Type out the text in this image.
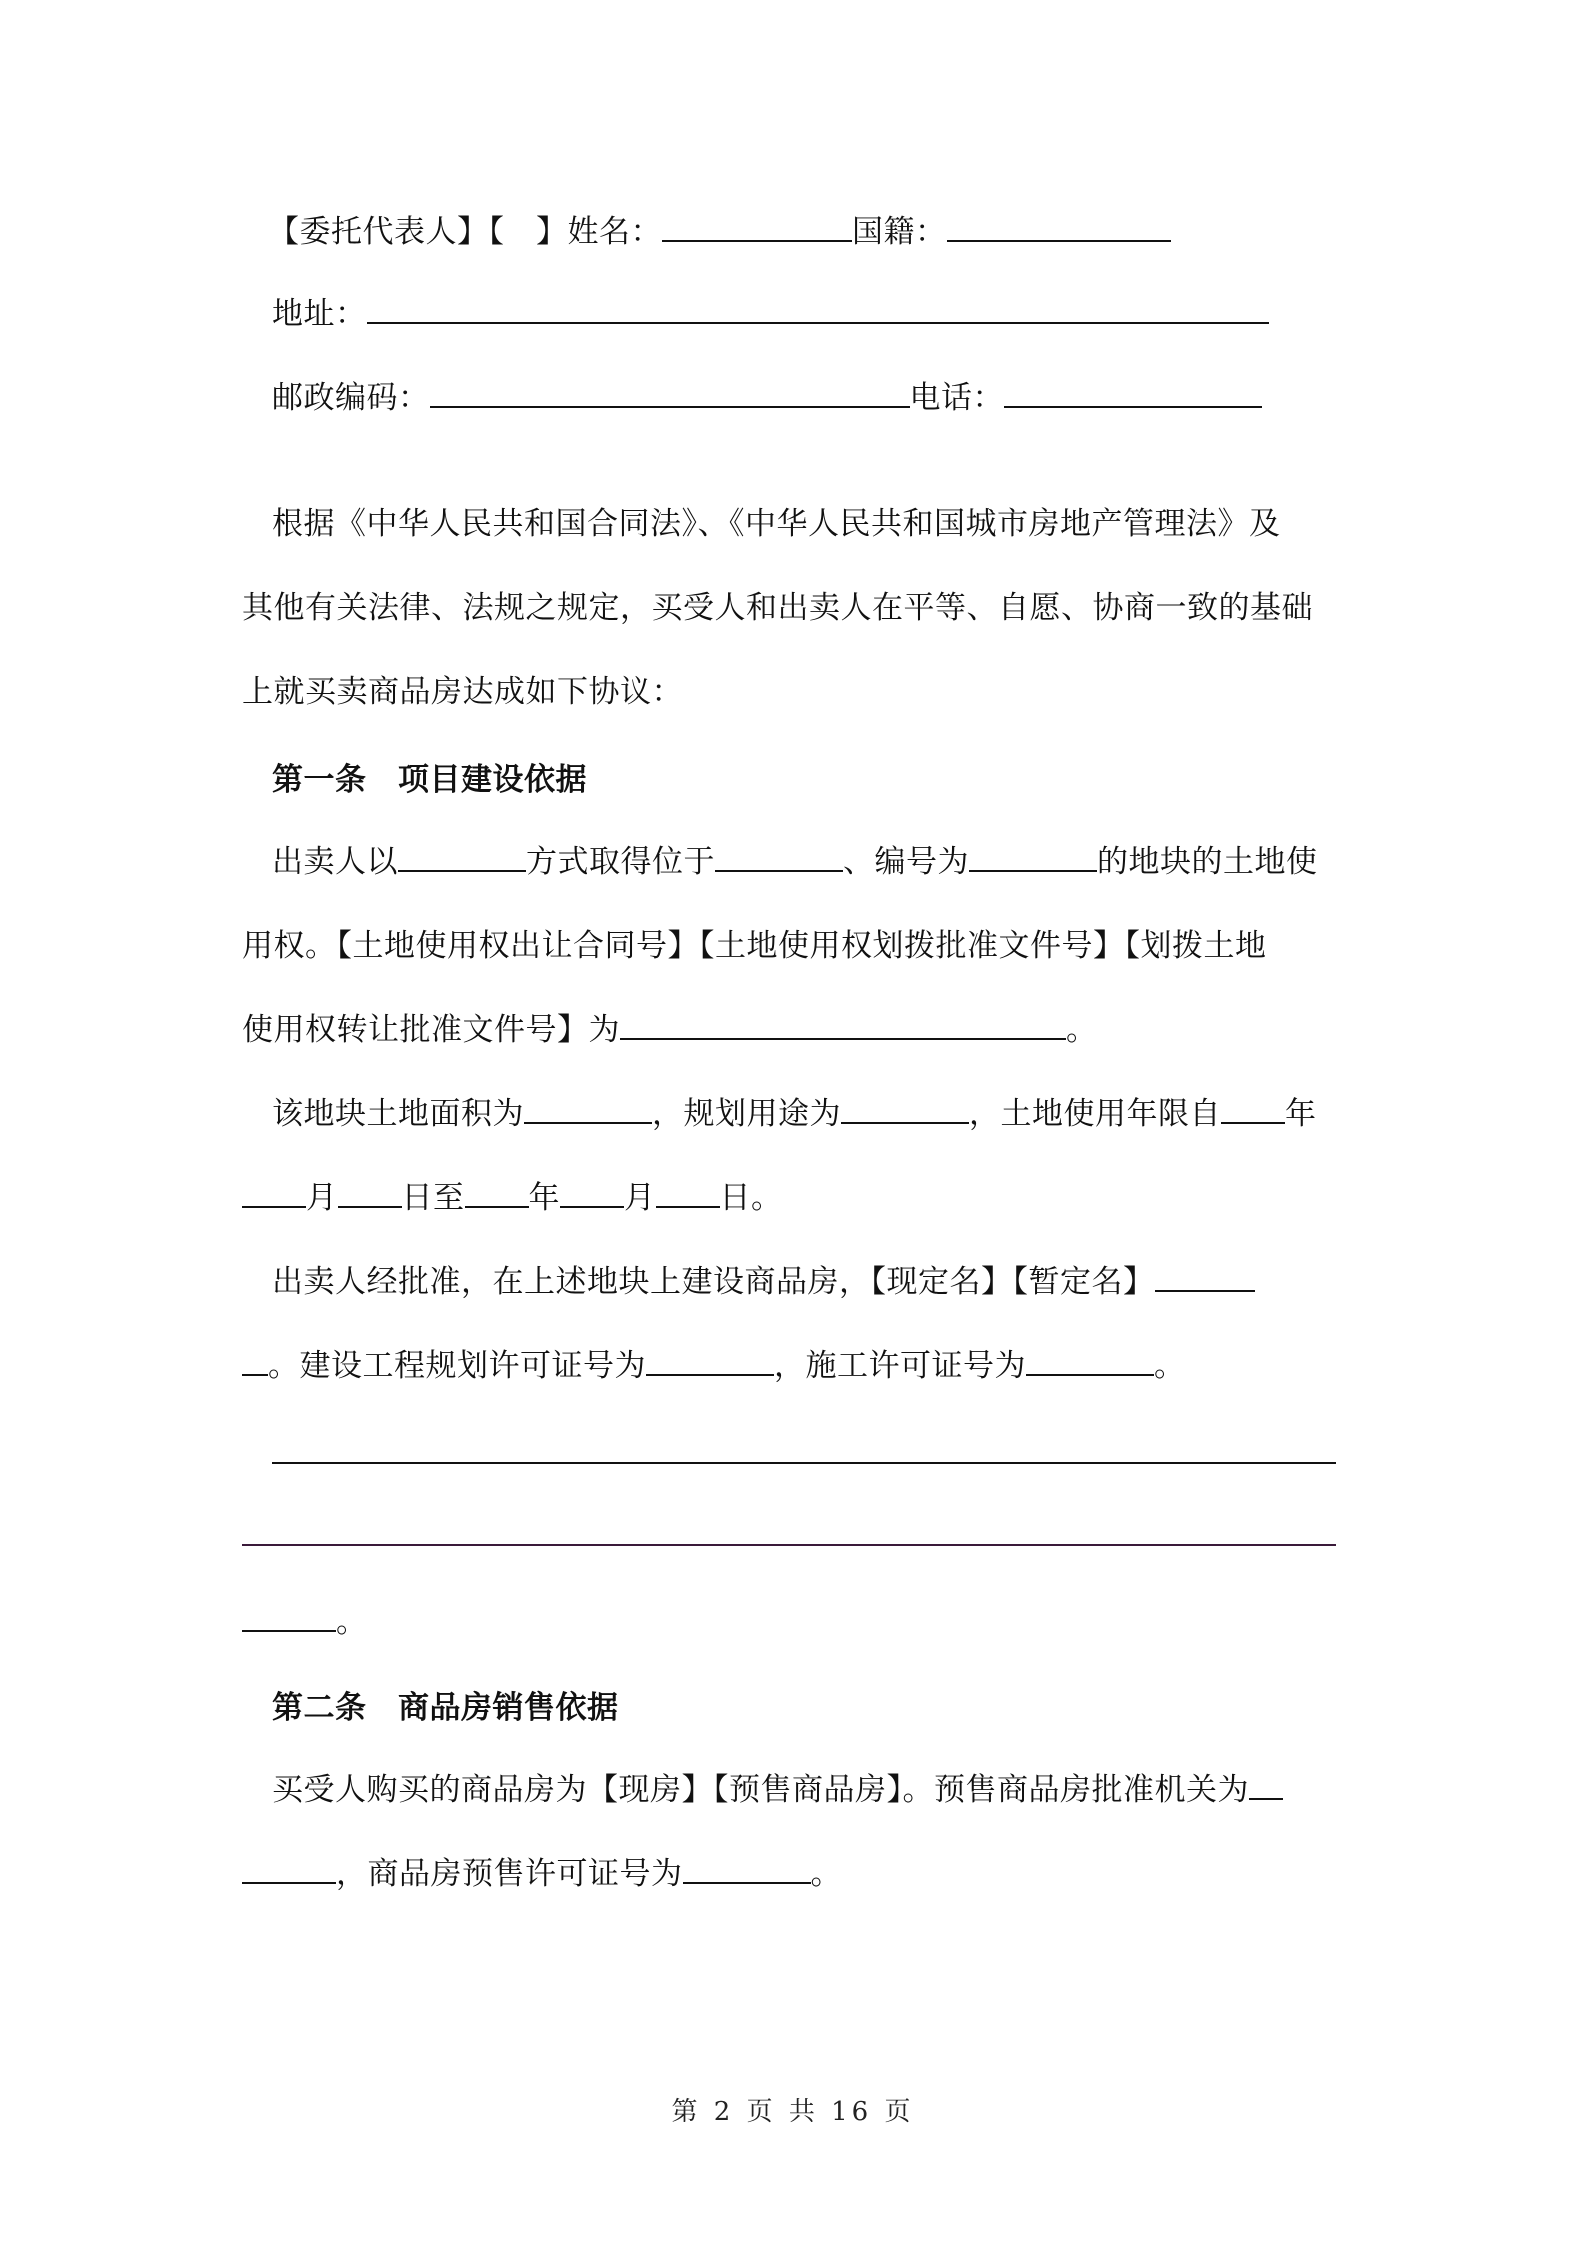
【委托代表人】【　】姓名：	国籍：
地址：
邮政编码：	电话：
根据《中华人民共和国合同法》、《中华人民共和国城市房地产管理法》及
其他有关法律、法规之规定，买受人和出卖人在平等、自愿、协商一致的基础
上就买卖商品房达成如下协议：
第一条　项目建设依据
出卖人以	方式取得位于	、编号为	的地块的土地使
用权。【土地使用权出让合同号】【土地使用权划拨批准文件号】【划拨土地
使用权转让批准文件号】为	。
该地块土地面积为	，规划用途为	，土地使用年限自 年
月 日至 年 月 日。
出卖人经批准，在上述地块上建设商品房，【现定名】【暂定名】
。建设工程规划许可证号为	，施工许可证号为	。
。
第二条　商品房销售依据
买受人购买的商品房为【现房】【预售商品房】。预售商品房批准机关为
，商品房预售许可证号为	。
第 2 页 共 16 页
